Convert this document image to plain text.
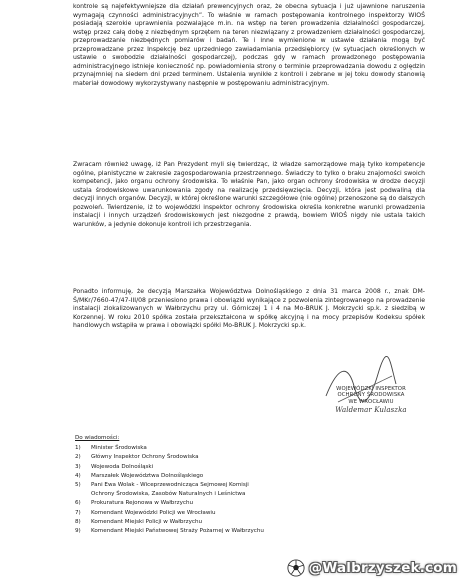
kontrole są najefektywniejsze dla działań prewencyjnych oraz, że obecna sytuacja i już ujawnione naruszenia wymagają czynności administracyjnych”. To właśnie w ramach postępowania kontrolnego inspektorzy WIOŚ posiadają szerokie uprawnienia pozwalające m.in. na wstęp na teren prowadzenia działalności gospodarczej, wstęp przez całą dobę z niezbędnym sprzętem na teren niezwiązany z prowadzeniem działalności gospodarczej, przeprowadzanie niezbędnych pomiarów i badań. Te i inne wymienione w ustawie działania mogą być przeprowadzane przez Inspekcję bez uprzedniego zawiadamiania przedsiębiorcy (w sytuacjach określonych w ustawie o swobodzie działalności gospodarczej), podczas gdy w ramach prowadzonego postępowania administracyjnego istnieje konieczność np. powiadomienia strony o terminie przeprowadzania dowodu z oględzin przynajmniej na siedem dni przed terminem. Ustalenia wynikłe z kontroli i zebrane w jej toku dowody stanowią materiał dowodowy wykorzystywany następnie w postępowaniu administracyjnym.

Zwracam również uwagę, iż Pan Prezydent myli się twierdząc, iż władze samorządowe mają tylko kompetencje ogólne, planistyczne w zakresie zagospodarowania przestrzennego. Świadczy to tylko o braku znajomości swoich kompetencji, jako organu ochrony środowiska. To właśnie Pan, jako organ ochrony środowiska w drodze decyzji ustala środowiskowe uwarunkowania zgody na realizację przedsięwzięcia. Decyzji, która jest podwaliną dla decyzji innych organów. Decyzji, w której określone warunki szczegółowe (nie ogólne) przenoszone są do dalszych pozwoleń. Twierdzenie, iż to wojewódzki inspektor ochrony środowiska określa konkretne warunki prowadzenia instalacji i innych urządzeń środowiskowych jest niezgodne z prawdą, bowiem WIOŚ nigdy nie ustala takich warunków, a jedynie dokonuje kontroli ich przestrzegania.

Ponadto informuję, że decyzją Marszałka Województwa Dolnośląskiego z dnia 31 marca 2008 r., znak DM-Ś/MKr/7660-47/47-III/08 przeniesiono prawa i obowiązki wynikające z pozwolenia zintegrowanego na prowadzenie instalacji zlokalizowanych w Wałbrzychu przy ul. Górniczej 1 i 4 na Mo-BRUK J. Mokrzycki sp.k. z siedzibą w Korzennej. W roku 2010 spółka została przekształcona w spółkę akcyjną i na mocy przepisów Kodeksu spółek handlowych wstąpiła w prawa i obowiązki spółki Mo-BRUK J. Mokrzycki sp.k.

WOJEWÓDZKI INSPEKTOR
OCHRONY ŚRODOWISKA
WE WROCŁAWIU
Waldemar Kulaszka
Do wiadomości:
1) Minister Środowiska
2) Główny Inspektor Ochrony Środowiska
3) Wojewoda Dolnośląski
4) Marszałek Województwa Dolnośląskiego
5) Pani Ewa Wolak - Wiceprzewodnicząca Sejmowej Komisji
Ochrony Środowiska, Zasobów Naturalnych i Leśnictwa
6) Prokuratura Rejonowa w Wałbrzychu
7) Komendant Wojewódzki Policji we Wrocławiu
8) Komendant Miejski Policji w Wałbrzychu
9) Komendant Miejski Państwowej Straży Pożarnej w Wałbrzychu
@Walbrzyszek.com
